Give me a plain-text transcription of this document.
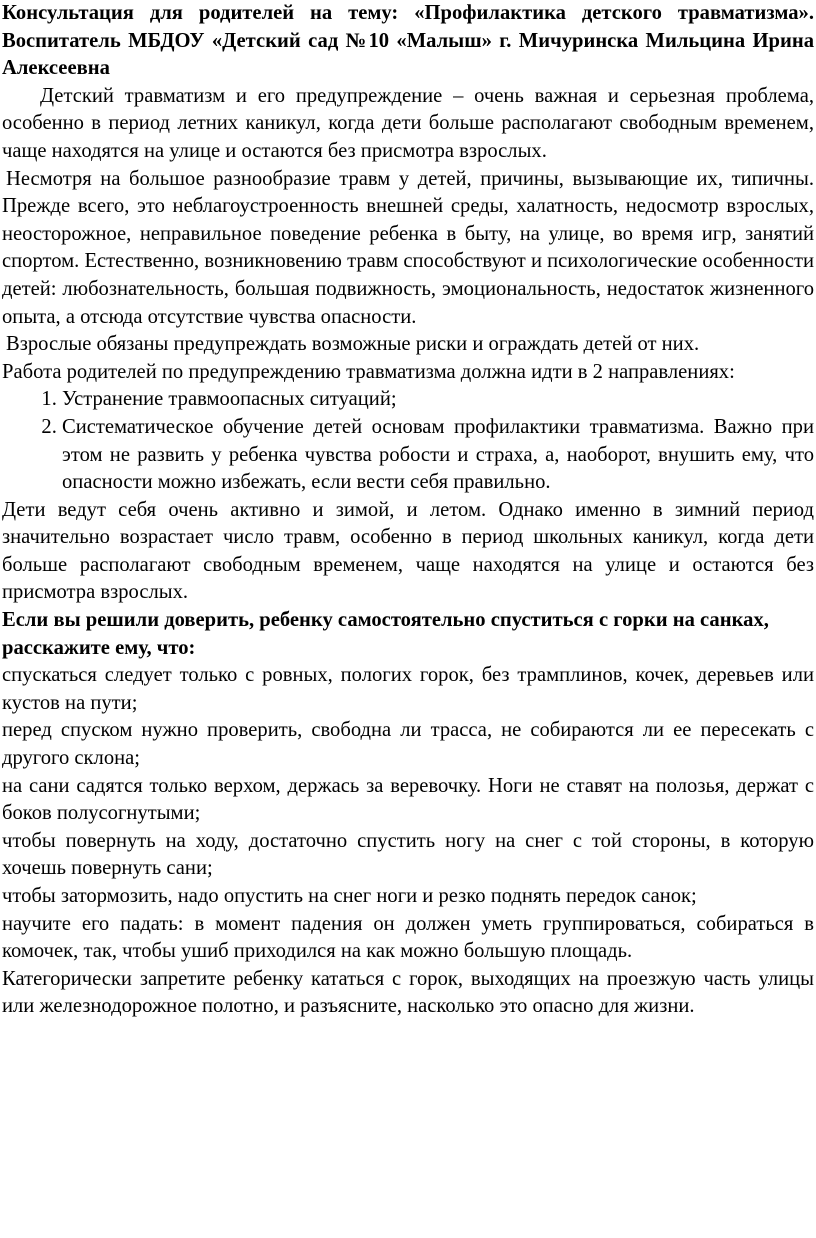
Консультация для родителей на тему: «Профилактика детского травматизма». Воспитатель МБДОУ «Детский сад №10 «Малыш» г. Мичуринска Мильцина Ирина Алексеевна

Детский травматизм и его предупреждение – очень важная и серьезная проблема, особенно в период летних каникул, когда дети больше располагают свободным временем, чаще находятся на улице и остаются без присмотра взрослых.

Несмотря на большое разнообразие травм у детей, причины, вызывающие их, типичны. Прежде всего, это неблагоустроенность внешней среды, халатность, недосмотр взрослых, неосторожное, неправильное поведение ребенка в быту, на улице, во время игр, занятий спортом. Естественно, возникновению травм способствуют и психологические особенности детей: любознательность, большая подвижность, эмоциональность, недостаток жизненного опыта, а отсюда отсутствие чувства опасности.

Взрослые обязаны предупреждать возможные риски и ограждать детей от них.

Работа родителей по предупреждению травматизма должна идти в 2 направлениях:

1. Устранение травмоопасных ситуаций;
2. Систематическое обучение детей основам профилактики травматизма. Важно при этом не развить у ребенка чувства робости и страха, а, наоборот, внушить ему, что опасности можно избежать, если вести себя правильно.

Дети ведут себя очень активно и зимой, и летом. Однако именно в зимний период значительно возрастает число травм, особенно в период школьных каникул, когда дети больше располагают свободным временем, чаще находятся на улице и остаются без присмотра взрослых.

Если вы решили доверить, ребенку самостоятельно спуститься с горки на санках, расскажите ему, что:

спускаться следует только с ровных, пологих горок, без трамплинов, кочек, деревьев или кустов на пути;

перед спуском нужно проверить, свободна ли трасса, не собираются ли ее пересекать с другого склона;

на сани садятся только верхом, держась за веревочку. Ноги не ставят на полозья, держат с боков полусогнутыми;

чтобы повернуть на ходу, достаточно спустить ногу на снег с той стороны, в которую хочешь повернуть сани;

чтобы затормозить, надо опустить на снег ноги и резко поднять передок санок;

научите его падать: в момент падения он должен уметь группироваться, собираться в комочек, так, чтобы ушиб приходился на как можно большую площадь.

Категорически запретите ребенку кататься с горок, выходящих на проезжую часть улицы или железнодорожное полотно, и разъясните, насколько это опасно для жизни.
